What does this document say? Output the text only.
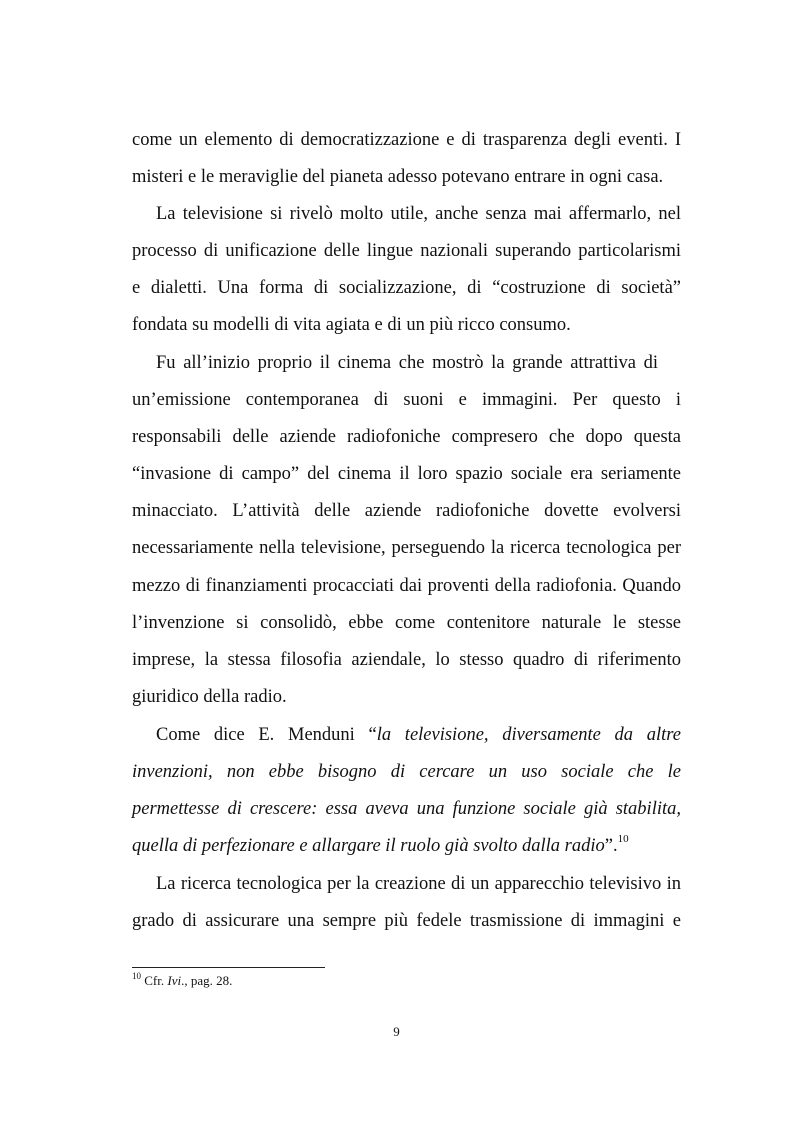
come un elemento di democratizzazione e di trasparenza degli eventi. I
misteri e le meraviglie del pianeta adesso potevano entrare in ogni casa.
La televisione si rivelò molto utile, anche senza mai affermarlo, nel
processo di unificazione delle lingue nazionali superando particolarismi
e dialetti. Una forma di socializzazione, di “costruzione di società”
fondata su modelli di vita agiata e di un più ricco consumo.
Fu all’inizio proprio il cinema che mostrò la grande attrattiva di
un’emissione contemporanea di suoni e immagini. Per questo i
responsabili delle aziende radiofoniche compresero che dopo questa
“invasione di campo” del cinema il loro spazio sociale era seriamente
minacciato. L’attività delle aziende radiofoniche dovette evolversi
necessariamente nella televisione, perseguendo la ricerca tecnologica per
mezzo di finanziamenti procacciati dai proventi della radiofonia. Quando
l’invenzione si consolidò, ebbe come contenitore naturale le stesse
imprese, la stessa filosofia aziendale, lo stesso quadro di riferimento
giuridico della radio.
Come dice E. Menduni “la televisione, diversamente da altre
invenzioni, non ebbe bisogno di cercare un uso sociale che le
permettesse di crescere: essa aveva una funzione sociale già stabilita,
quella di perfezionare e allargare il ruolo già svolto dalla radio”.$^{10}$
La ricerca tecnologica per la creazione di un apparecchio televisivo in
grado di assicurare una sempre più fedele trasmissione di immagini e
$^{10}$ Cfr. Ivi., pag. 28.
9
